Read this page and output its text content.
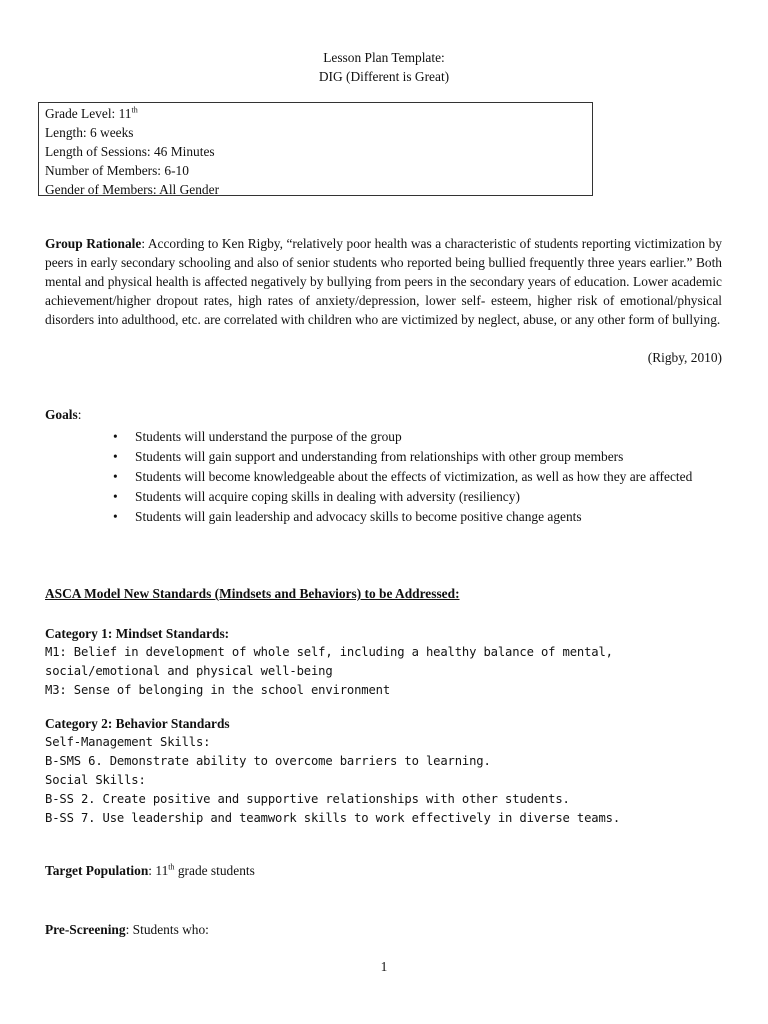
Lesson Plan Template:
DIG (Different is Great)
Grade Level: 11th
Length: 6 weeks
Length of Sessions: 46 Minutes
Number of Members: 6-10
Gender of Members: All Gender
Group Rationale: According to Ken Rigby, “relatively poor health was a characteristic of students reporting victimization by peers in early secondary schooling and also of senior students who reported being bullied frequently three years earlier.” Both mental and physical health is affected negatively by bullying from peers in the secondary years of education. Lower academic achievement/higher dropout rates, high rates of anxiety/depression, lower self- esteem, higher risk of emotional/physical disorders into adulthood, etc. are correlated with children who are victimized by neglect, abuse, or any other form of bullying.
(Rigby, 2010)
Goals:
• Students will understand the purpose of the group
• Students will gain support and understanding from relationships with other group members
• Students will become knowledgeable about the effects of victimization, as well as how they are affected
• Students will acquire coping skills in dealing with adversity (resiliency)
• Students will gain leadership and advocacy skills to become positive change agents
ASCA Model New Standards (Mindsets and Behaviors) to be Addressed:
Category 1: Mindset Standards:
M1: Belief in development of whole self, including a healthy balance of mental, social/emotional and physical well-being
M3: Sense of belonging in the school environment
Category 2: Behavior Standards
Self-Management Skills:
B-SMS 6. Demonstrate ability to overcome barriers to learning.
Social Skills:
B-SS 2. Create positive and supportive relationships with other students.
B-SS 7. Use leadership and teamwork skills to work effectively in diverse teams.
Target Population: 11th grade students
Pre-Screening: Students who:
1
